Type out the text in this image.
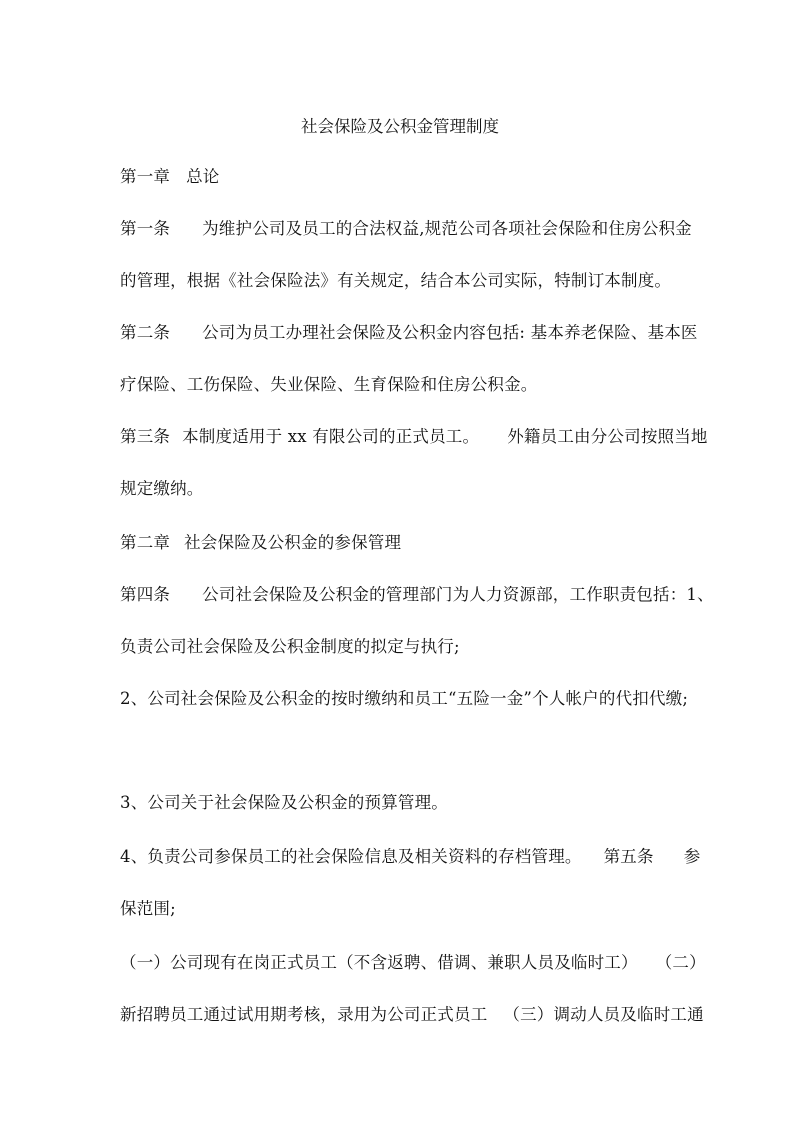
社会保险及公积金管理制度
第一章 总论
第一条 为维护公司及员工的合法权益,规范公司各项社会保险和住房公积金
的管理，根据《社会保险法》有关规定，结合本公司实际，特制订本制度。
第二条 公司为员工办理社会保险及公积金内容包括: 基本养老保险、基本医
疗保险、工伤保险、失业保险、生育保险和住房公积金。
第三条 本制度适用于 xx 有限公司的正式员工。 外籍员工由分公司按照当地
规定缴纳。
第二章 社会保险及公积金的参保管理
第四条 公司社会保险及公积金的管理部门为人力资源部，工作职责包括：1、
负责公司社会保险及公积金制度的拟定与执行;
2、公司社会保险及公积金的按时缴纳和员工“五险一金”个人帐户的代扣代缴;
3、公司关于社会保险及公积金的预算管理。
4、负责公司参保员工的社会保险信息及相关资料的存档管理。 第五条 参
保范围;
（一）公司现有在岗正式员工（不含返聘、借调、兼职人员及临时工） （二）
新招聘员工通过试用期考核，录用为公司正式员工 （三）调动人员及临时工通
